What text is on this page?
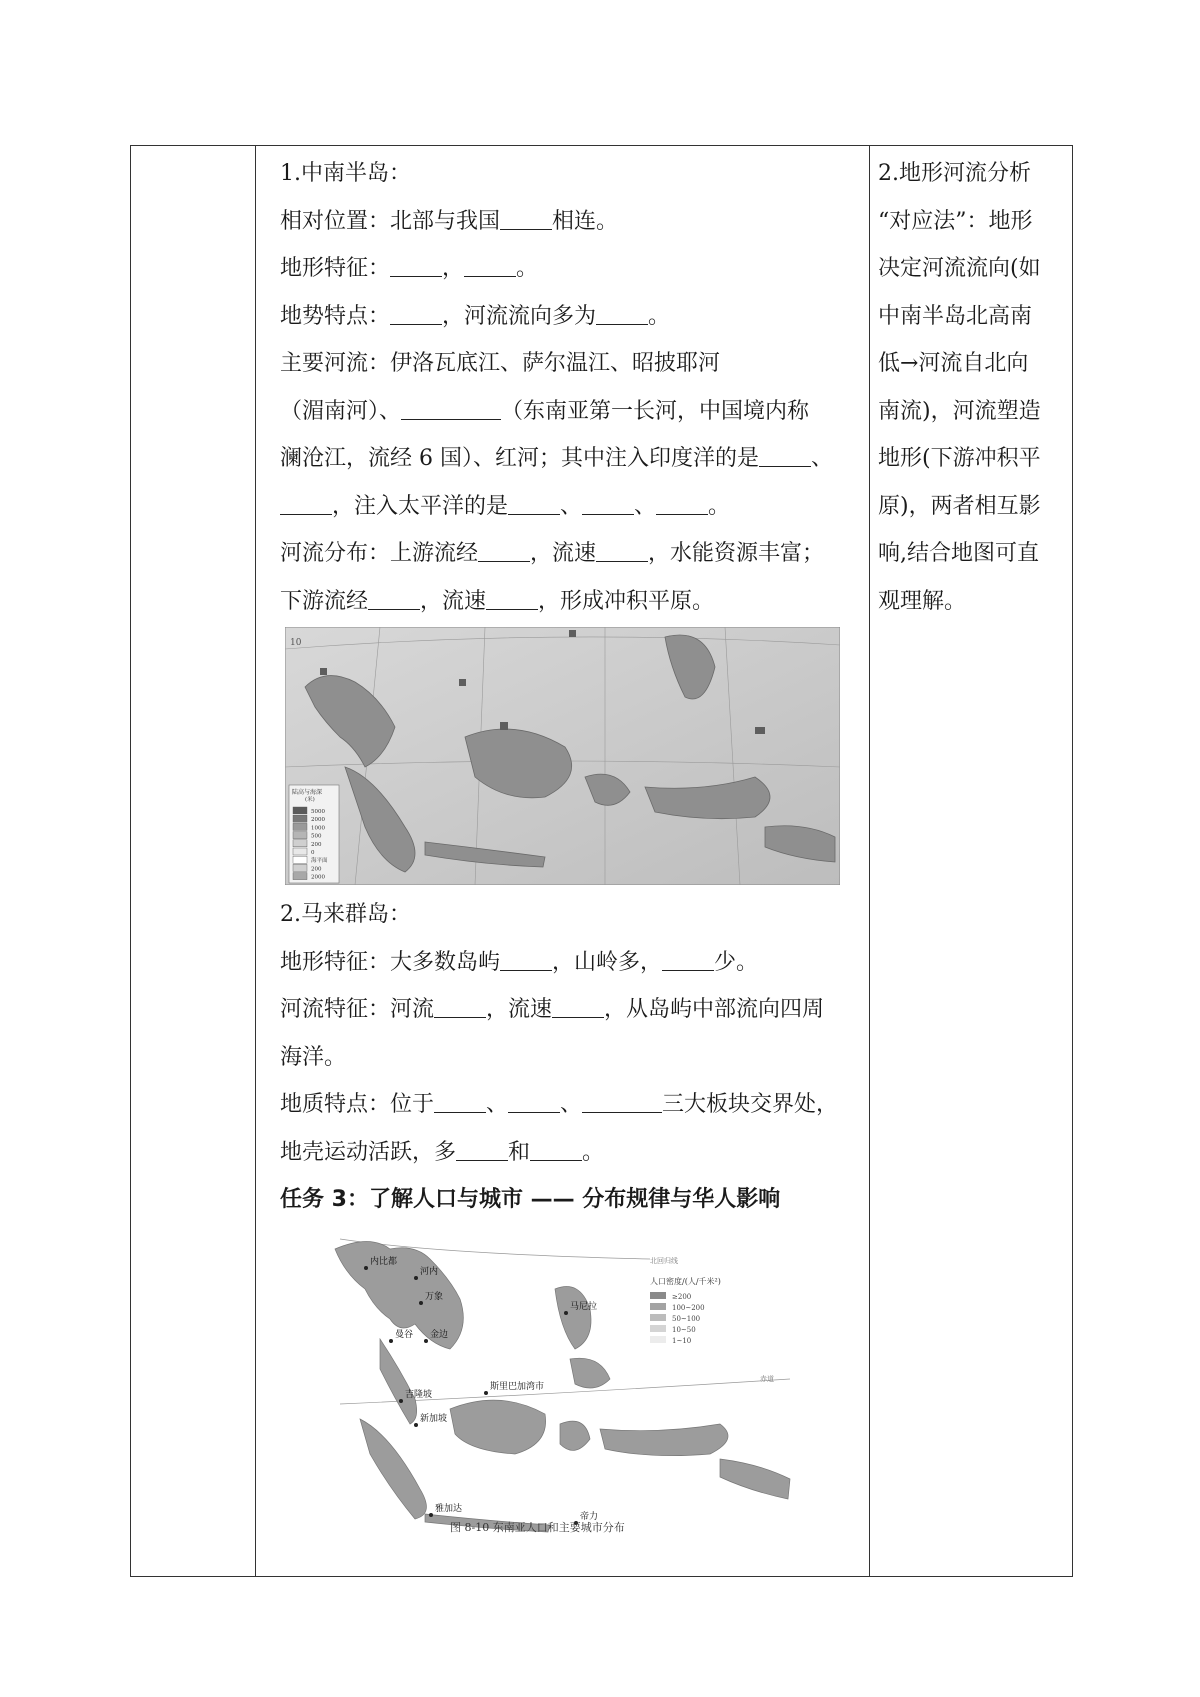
1.中南半岛：

相对位置：北部与我国 相连。

地形特征： ， 。

地势特点： ，河流流向多为 。

主要河流：伊洛瓦底江、萨尔温江、昭披耶河

（湄南河）、	（东南亚第一长河，中国境内称

澜沧江，流经 6 国）、红河；其中注入印度洋的是 、

，注入太平洋的是 、 、 。

河流分布：上游流经 ，流速 ，水能资源丰富；

下游流经 ，流速 ，形成冲积平原。

10
陆高与海深
(米)
5000
2000
1000
500
200
0
海平面
200
2000

2.马来群岛：

地形特征：大多数岛屿 ，山岭多， 少。

河流特征：河流 ，流速 ，从岛屿中部流向四周

海洋。

地质特点：位于 、 、	三大板块交界处，

地壳运动活跃，多 和 。

任务 3：了解人口与城市 —— 分布规律与华人影响

北回归线
赤道
人口密度/(人/千米²)
≥200
100~200
50~100
10~50
1~10
内比都
河内
万象
曼谷 金边
马尼拉
斯里巴加湾市
吉隆坡
新加坡
雅加达
帝力
图 8-10 东南亚人口和主要城市分布

2.地形河流分析

“对应法”：地形

决定河流流向(如

中南半岛北高南

低→河流自北向

南流)，河流塑造

地形(下游冲积平

原)，两者相互影

响,结合地图可直

观理解。
